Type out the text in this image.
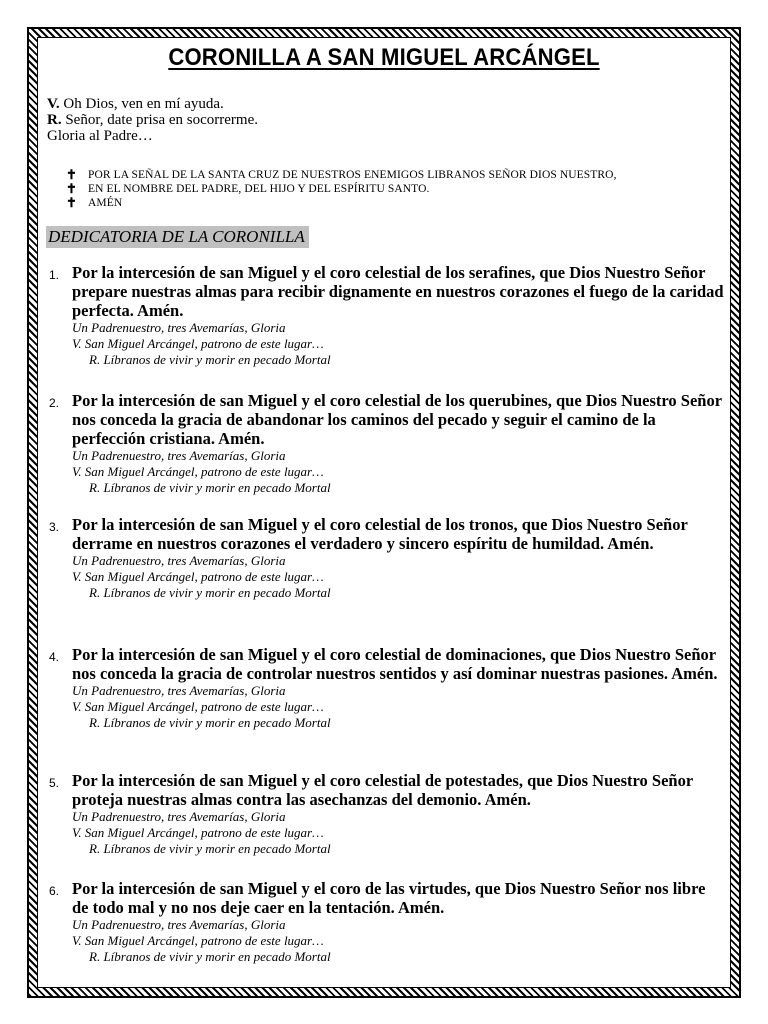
CORONILLA A SAN MIGUEL ARCÁNGEL
V. Oh Dios, ven en mí ayuda.
R. Señor, date prisa en socorrerme.
Gloria al Padre…
✝ POR LA SEÑAL DE LA SANTA CRUZ DE NUESTROS ENEMIGOS LIBRANOS SEÑOR DIOS NUESTRO,
✝ EN EL NOMBRE DEL PADRE, DEL HIJO Y DEL ESPÍRITU SANTO.
✝ AMÉN
DEDICATORIA DE LA CORONILLA
1. Por la intercesión de san Miguel y el coro celestial de los serafines, que Dios Nuestro Señor prepare nuestras almas para recibir dignamente en nuestros corazones el fuego de la caridad perfecta. Amén.
Un Padrenuestro, tres Avemarías, Gloria
V. San Miguel Arcángel, patrono de este lugar…
R. Líbranos de vivir y morir en pecado Mortal
2. Por la intercesión de san Miguel y el coro celestial de los querubines, que Dios Nuestro Señor nos conceda la gracia de abandonar los caminos del pecado y seguir el camino de la perfección cristiana. Amén.
Un Padrenuestro, tres Avemarías, Gloria
V. San Miguel Arcángel, patrono de este lugar…
R. Líbranos de vivir y morir en pecado Mortal
3. Por la intercesión de san Miguel y el coro celestial de los tronos, que Dios Nuestro Señor derrame en nuestros corazones el verdadero y sincero espíritu de humildad. Amén.
Un Padrenuestro, tres Avemarías, Gloria
V. San Miguel Arcángel, patrono de este lugar…
R. Líbranos de vivir y morir en pecado Mortal
4. Por la intercesión de san Miguel y el coro celestial de dominaciones, que Dios Nuestro Señor nos conceda la gracia de controlar nuestros sentidos y así dominar nuestras pasiones. Amén.
Un Padrenuestro, tres Avemarías, Gloria
V. San Miguel Arcángel, patrono de este lugar…
R. Líbranos de vivir y morir en pecado Mortal
5. Por la intercesión de san Miguel y el coro celestial de potestades, que Dios Nuestro Señor proteja nuestras almas contra las asechanzas del demonio. Amén.
Un Padrenuestro, tres Avemarías, Gloria
V. San Miguel Arcángel, patrono de este lugar…
R. Líbranos de vivir y morir en pecado Mortal
6. Por la intercesión de san Miguel y el coro de las virtudes, que Dios Nuestro Señor nos libre de todo mal y no nos deje caer en la tentación. Amén.
Un Padrenuestro, tres Avemarías, Gloria
V. San Miguel Arcángel, patrono de este lugar…
R. Líbranos de vivir y morir en pecado Mortal
